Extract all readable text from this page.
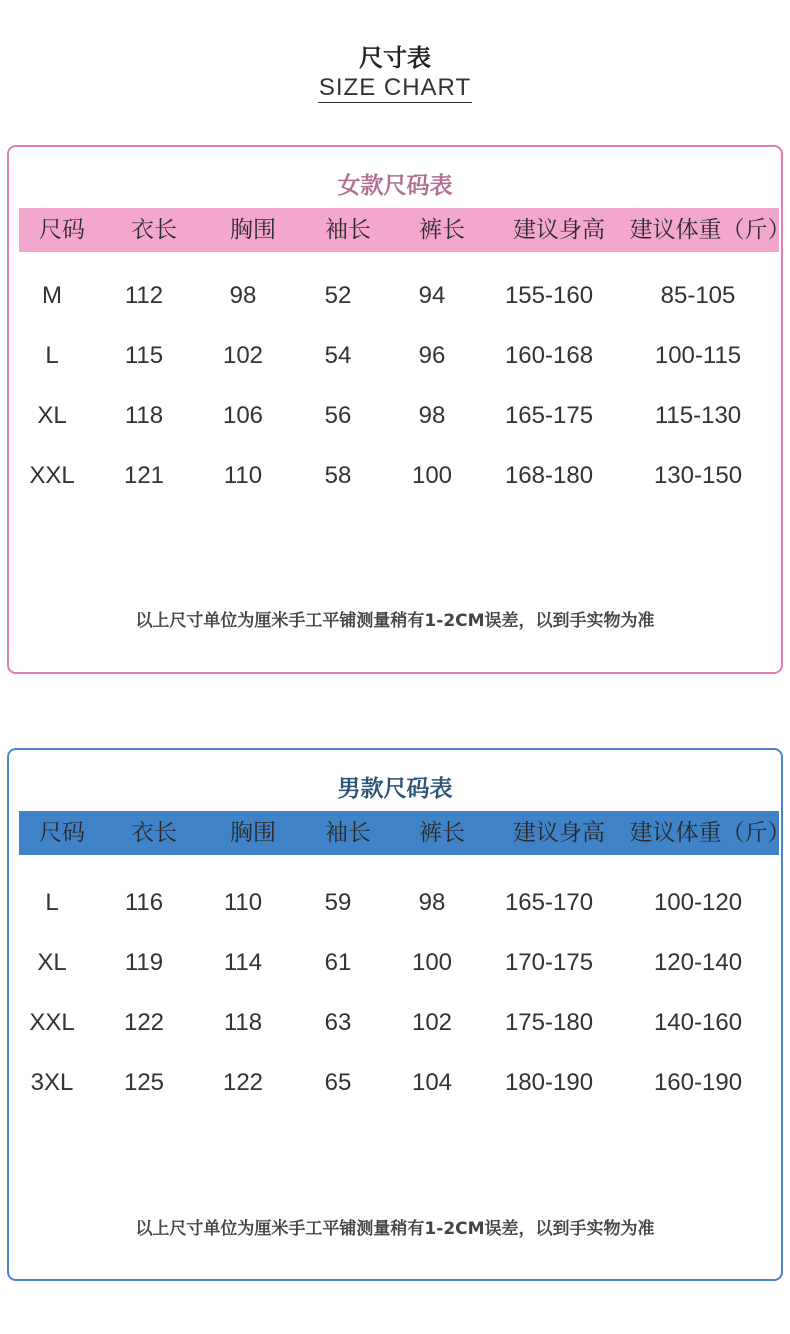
尺寸表
SIZE CHART
女款尺码表
尺码 衣长 胸围 袖长 裤长 建议身高 建议体重（斤）
M	112	98	52	94 155-160	85-105
L	115 102	54	96 160-168	100-115
XL 118 106	56	98 165-175	115-130
XXL 121 110	58	100 168-180	130-150
以上尺寸单位为厘米手工平铺测量稍有1-2CM误差，以到手实物为准
男款尺码表
尺码 衣长 胸围 袖长 裤长 建议身高 建议体重（斤）
L	116	110	59	98 165-170	100-120
XL 119	114	61	100 170-175	120-140
XXL 122 118	63	102 175-180	140-160
3XL 125 122	65	104 180-190	160-190
以上尺寸单位为厘米手工平铺测量稍有1-2CM误差，以到手实物为准
